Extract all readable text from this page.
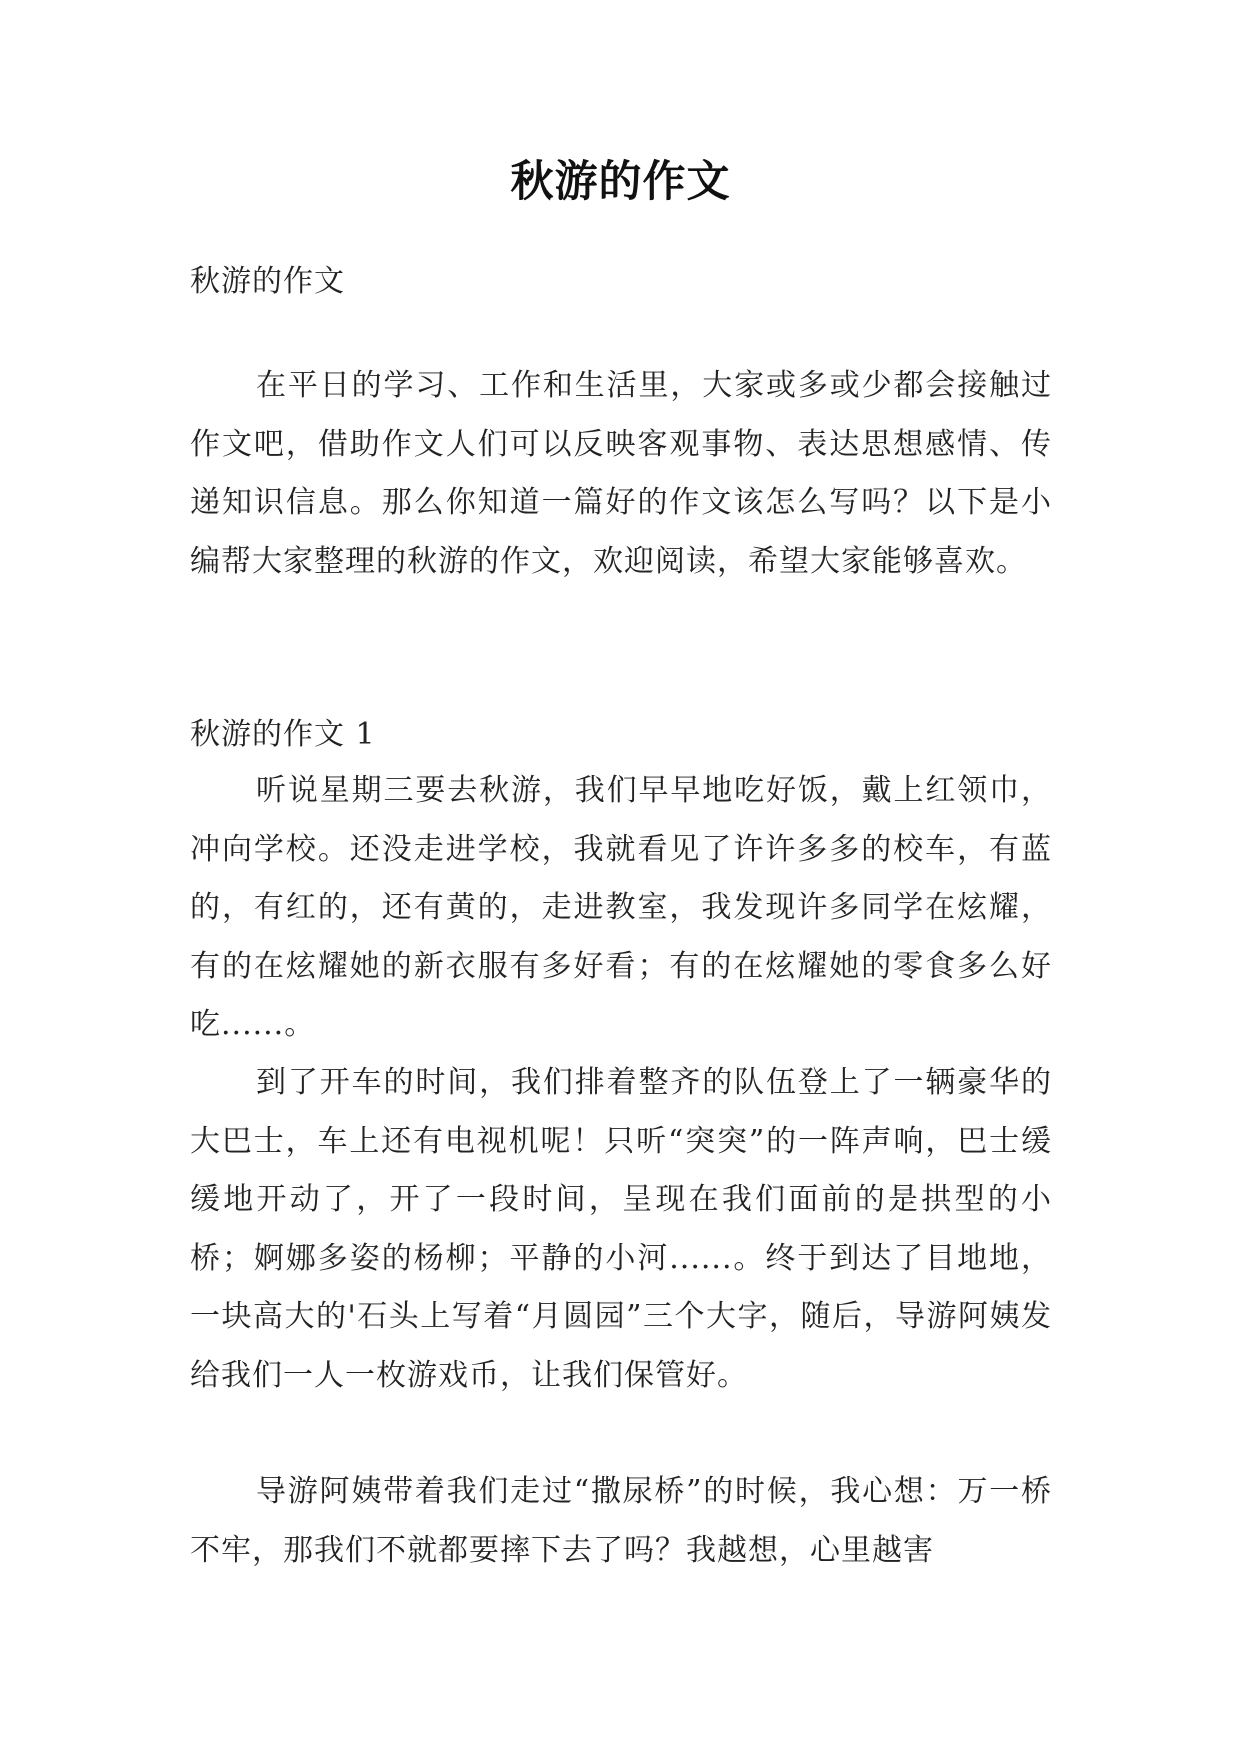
秋游的作文
秋游的作文

在平日的学习、工作和生活里，大家或多或少都会接触过作文吧，借助作文人们可以反映客观事物、表达思想感情、传递知识信息。那么你知道一篇好的作文该怎么写吗？以下是小编帮大家整理的秋游的作文，欢迎阅读，希望大家能够喜欢。

秋游的作文 1

听说星期三要去秋游，我们早早地吃好饭，戴上红领巾，冲向学校。还没走进学校，我就看见了许许多多的校车，有蓝的，有红的，还有黄的，走进教室，我发现许多同学在炫耀，有的在炫耀她的新衣服有多好看；有的在炫耀她的零食多么好吃......。

到了开车的时间，我们排着整齐的队伍登上了一辆豪华的大巴士，车上还有电视机呢！只听“突突”的一阵声响，巴士缓缓地开动了，开了一段时间，呈现在我们面前的是拱型的小桥；婀娜多姿的杨柳；平静的小河......。终于到达了目地地，一块高大的'石头上写着“月圆园”三个大字，随后，导游阿姨发给我们一人一枚游戏币，让我们保管好。

导游阿姨带着我们走过“撒尿桥”的时候，我心想：万一桥不牢，那我们不就都要摔下去了吗？我越想，心里越害
